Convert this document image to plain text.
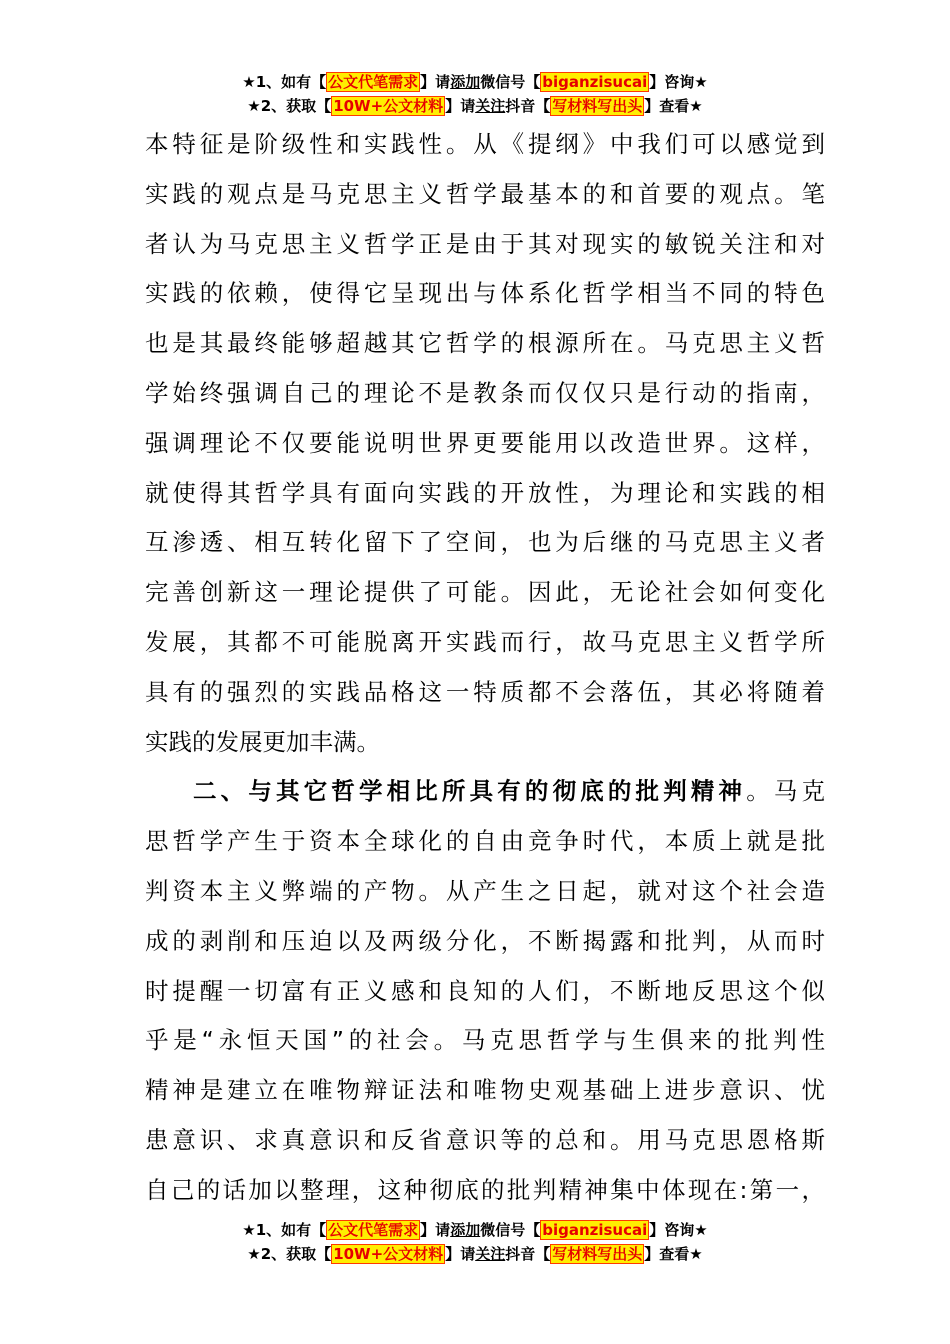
★1、如有【 公文代笔需求 】请添加微信号【 biganzisucai 】咨询★
★2、获取【 10W+公文材料 】请关注抖音【 写材料写出头 】查看★
本特征是阶级性和实践性。从《提纲》中我们可以感觉到
实践的观点是马克思主义哲学最基本的和首要的观点。笔
者认为马克思主义哲学正是由于其对现实的敏锐关注和对
实践的依赖，使得它呈现出与体系化哲学相当不同的特色
也是其最终能够超越其它哲学的根源所在。马克思主义哲
学始终强调自己的理论不是教条而仅仅只是行动的指南，
强调理论不仅要能说明世界更要能用以改造世界。这样，
就使得其哲学具有面向实践的开放性，为理论和实践的相
互渗透、相互转化留下了空间，也为后继的马克思主义者
完善创新这一理论提供了可能。因此，无论社会如何变化
发展，其都不可能脱离开实践而行，故马克思主义哲学所
具有的强烈的实践品格这一特质都不会落伍，其必将随着
实践的发展更加丰满。
二、与其它哲学相比所具有的彻底的批判精神。马克
思哲学产生于资本全球化的自由竞争时代，本质上就是批
判资本主义弊端的产物。从产生之日起，就对这个社会造
成的剥削和压迫以及两级分化，不断揭露和批判，从而时
时提醒一切富有正义感和良知的人们，不断地反思这个似
乎是“永恒天国”的社会。马克思哲学与生俱来的批判性
精神是建立在唯物辩证法和唯物史观基础上进步意识、忧
患意识、求真意识和反省意识等的总和。用马克思恩格斯
自己的话加以整理，这种彻底的批判精神集中体现在:第一，
★1、如有【 公文代笔需求 】请添加微信号【 biganzisucai 】咨询★
★2、获取【 10W+公文材料 】请关注抖音【 写材料写出头 】查看★
